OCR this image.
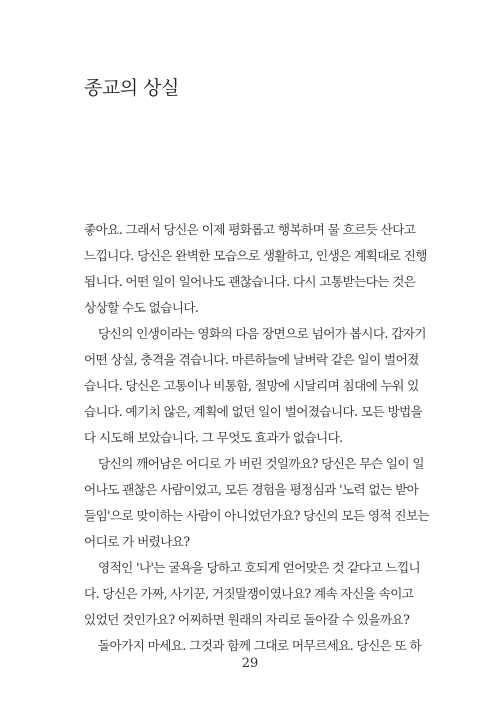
종교의 상실
좋아요. 그래서 당신은 이제 평화롭고 행복하며 물 흐르듯 산다고
느낍니다. 당신은 완벽한 모습으로 생활하고, 인생은 계획대로 진행
됩니다. 어떤 일이 일어나도 괜찮습니다. 다시 고통받는다는 것은
상상할 수도 없습니다.
당신의 인생이라는 영화의 다음 장면으로 넘어가 봅시다. 갑자기
어떤 상실, 충격을 겪습니다. 마른하늘에 날벼락 같은 일이 벌어졌
습니다. 당신은 고통이나 비통함, 절망에 시달리며 침대에 누워 있
습니다. 예기치 않은, 계획에 없던 일이 벌어졌습니다. 모든 방법을
다 시도해 보았습니다. 그 무엇도 효과가 없습니다.
당신의 깨어남은 어디로 가 버린 것일까요? 당신은 무슨 일이 일
어나도 괜찮은 사람이었고, 모든 경험을 평정심과 '노력 없는 받아
들임'으로 맞이하는 사람이 아니었던가요? 당신의 모든 영적 진보는
어디로 가 버렸나요?
영적인 '나'는 굴욕을 당하고 호되게 얻어맞은 것 같다고 느낍니
다. 당신은 가짜, 사기꾼, 거짓말쟁이였나요? 계속 자신을 속이고
있었던 것인가요? 어찌하면 원래의 자리로 돌아갈 수 있을까요?
돌아가지 마세요. 그것과 함께 그대로 머무르세요. 당신은 또 하
29
